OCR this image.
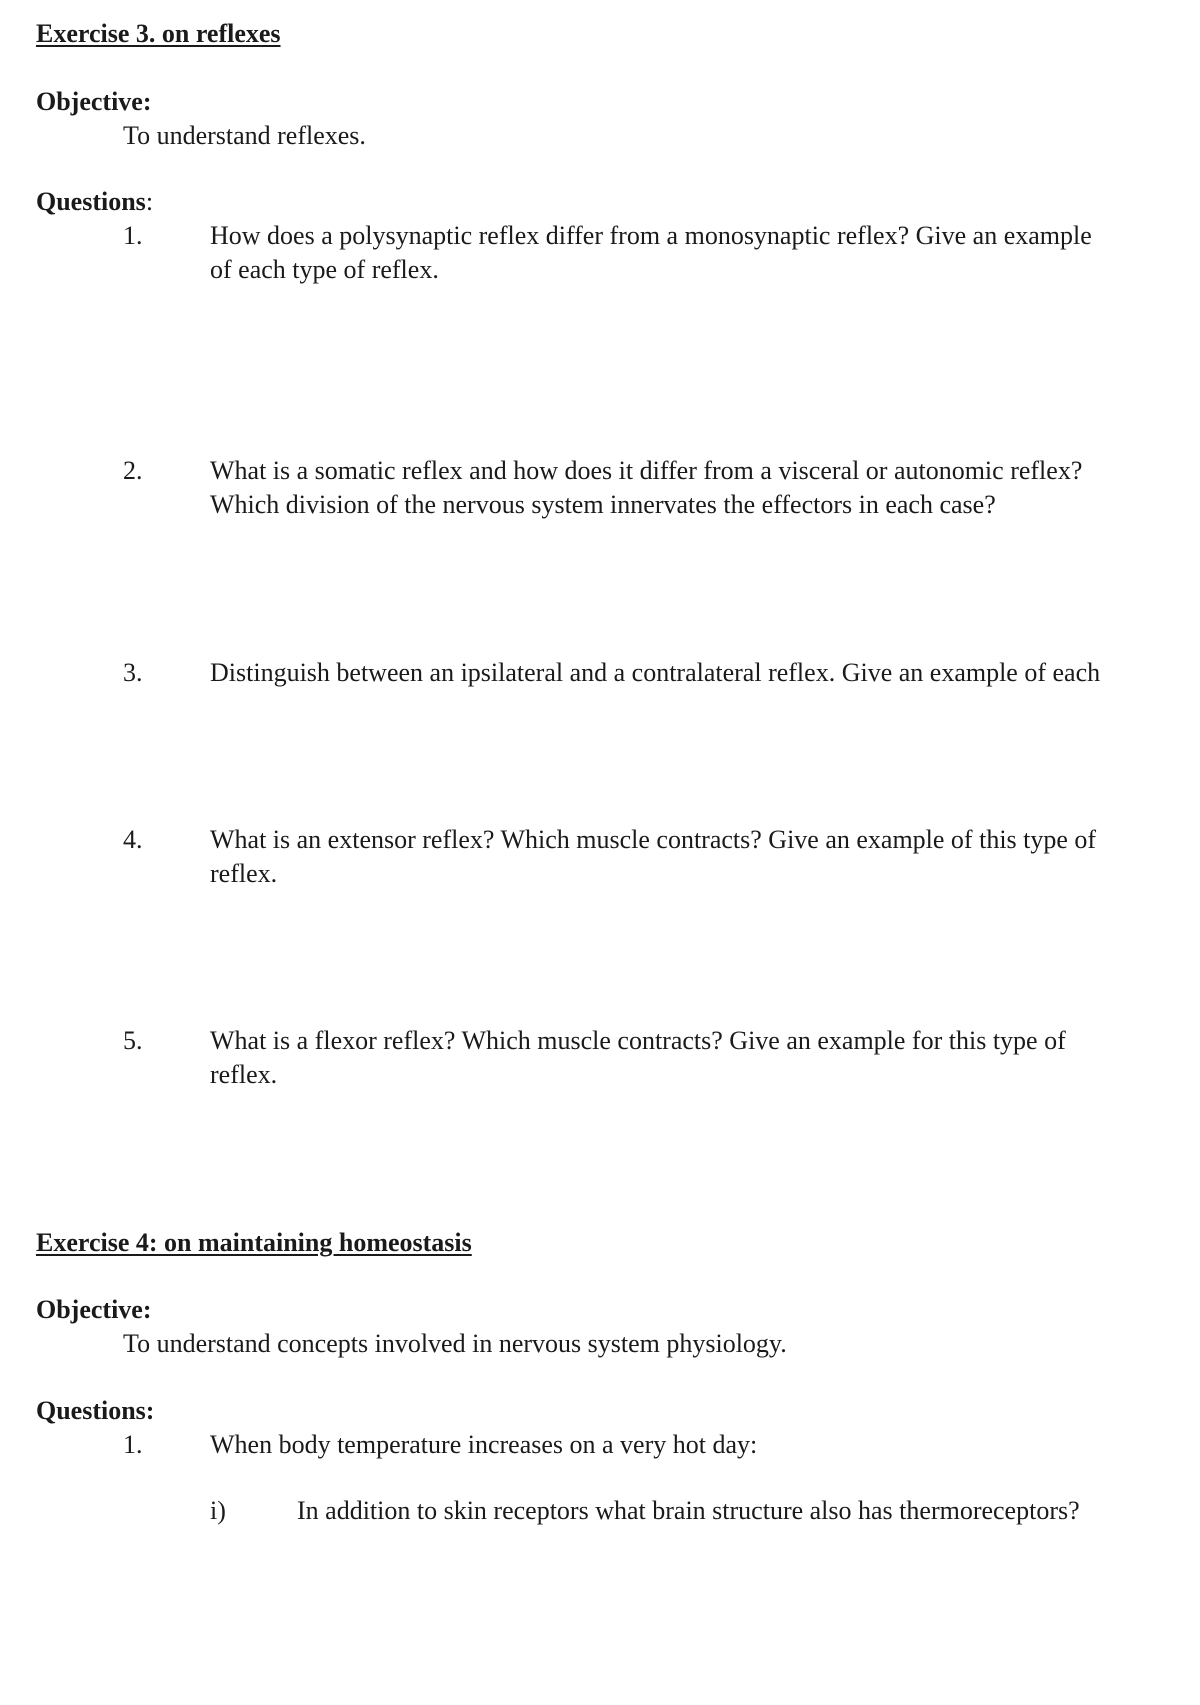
Exercise 3. on reflexes
Objective:
To understand reflexes.
Questions:
1.	How does a polysynaptic reflex differ from a monosynaptic reflex? Give an example
of each type of reflex.
2.	What is a somatic reflex and how does it differ from a visceral or autonomic reflex?
Which division of the nervous system innervates the effectors in each case?
3.	Distinguish between an ipsilateral and a contralateral reflex. Give an example of each
4.	What is an extensor reflex? Which muscle contracts? Give an example of this type of
reflex.
5.	What is a flexor reflex? Which muscle contracts? Give an example for this type of
reflex.
Exercise 4: on maintaining homeostasis
Objective:
To understand concepts involved in nervous system physiology.
Questions:
1.	When body temperature increases on a very hot day:
i)	In addition to skin receptors what brain structure also has thermoreceptors?
